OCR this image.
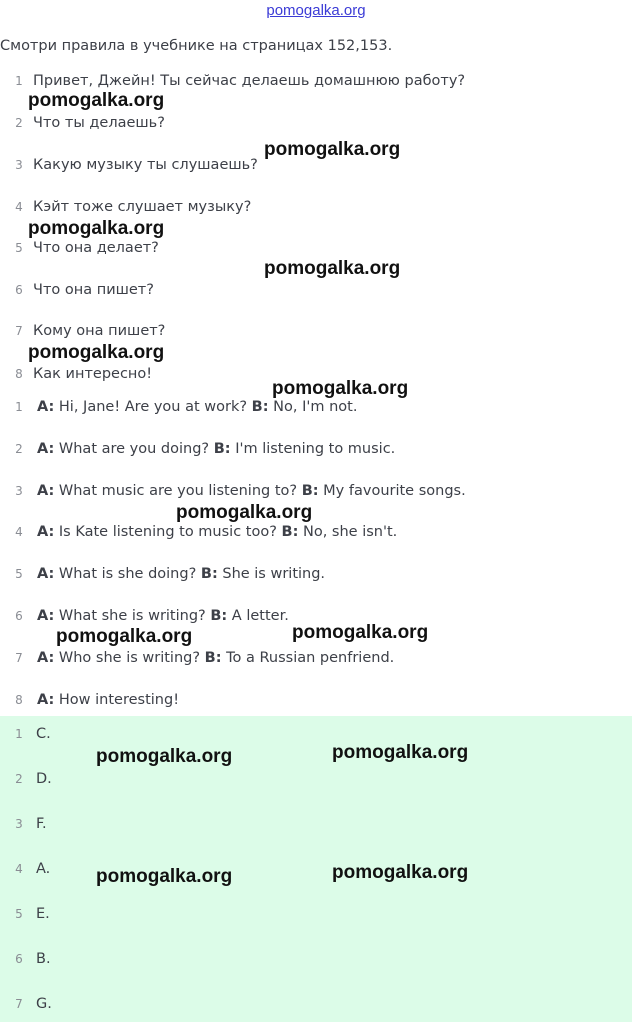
pomogalka.org
Смотри правила в учебнике на страницах 152,153.
1 Привет, Джейн! Ты сейчас делаешь домашнюю работу?
2 Что ты делаешь?
3 Какую музыку ты слушаешь?
4 Кэйт тоже слушает музыку?
5 Что она делает?
6 Что она пишет?
7 Кому она пишет?
8 Как интересно!
1 A: Hi, Jane! Are you at work? B: No, I'm not.
2 A: What are you doing? B: I'm listening to music.
3 A: What music are you listening to? B: My favourite songs.
4 A: Is Kate listening to music too? B: No, she isn't.
5 A: What is she doing? B: She is writing.
6 A: What she is writing? B: A letter.
7 A: Who she is writing? B: To a Russian penfriend.
8 A: How interesting!
1 C.
2 D.
3 F.
4 A.
5 E.
6 B.
7 G.
pomogalka.org
pomogalka.org
pomogalka.org
pomogalka.org
pomogalka.org
pomogalka.org
pomogalka.org
pomogalka.org	pomogalka.org
pomogalka.org	pomogalka.org
pomogalka.org	pomogalka.org
